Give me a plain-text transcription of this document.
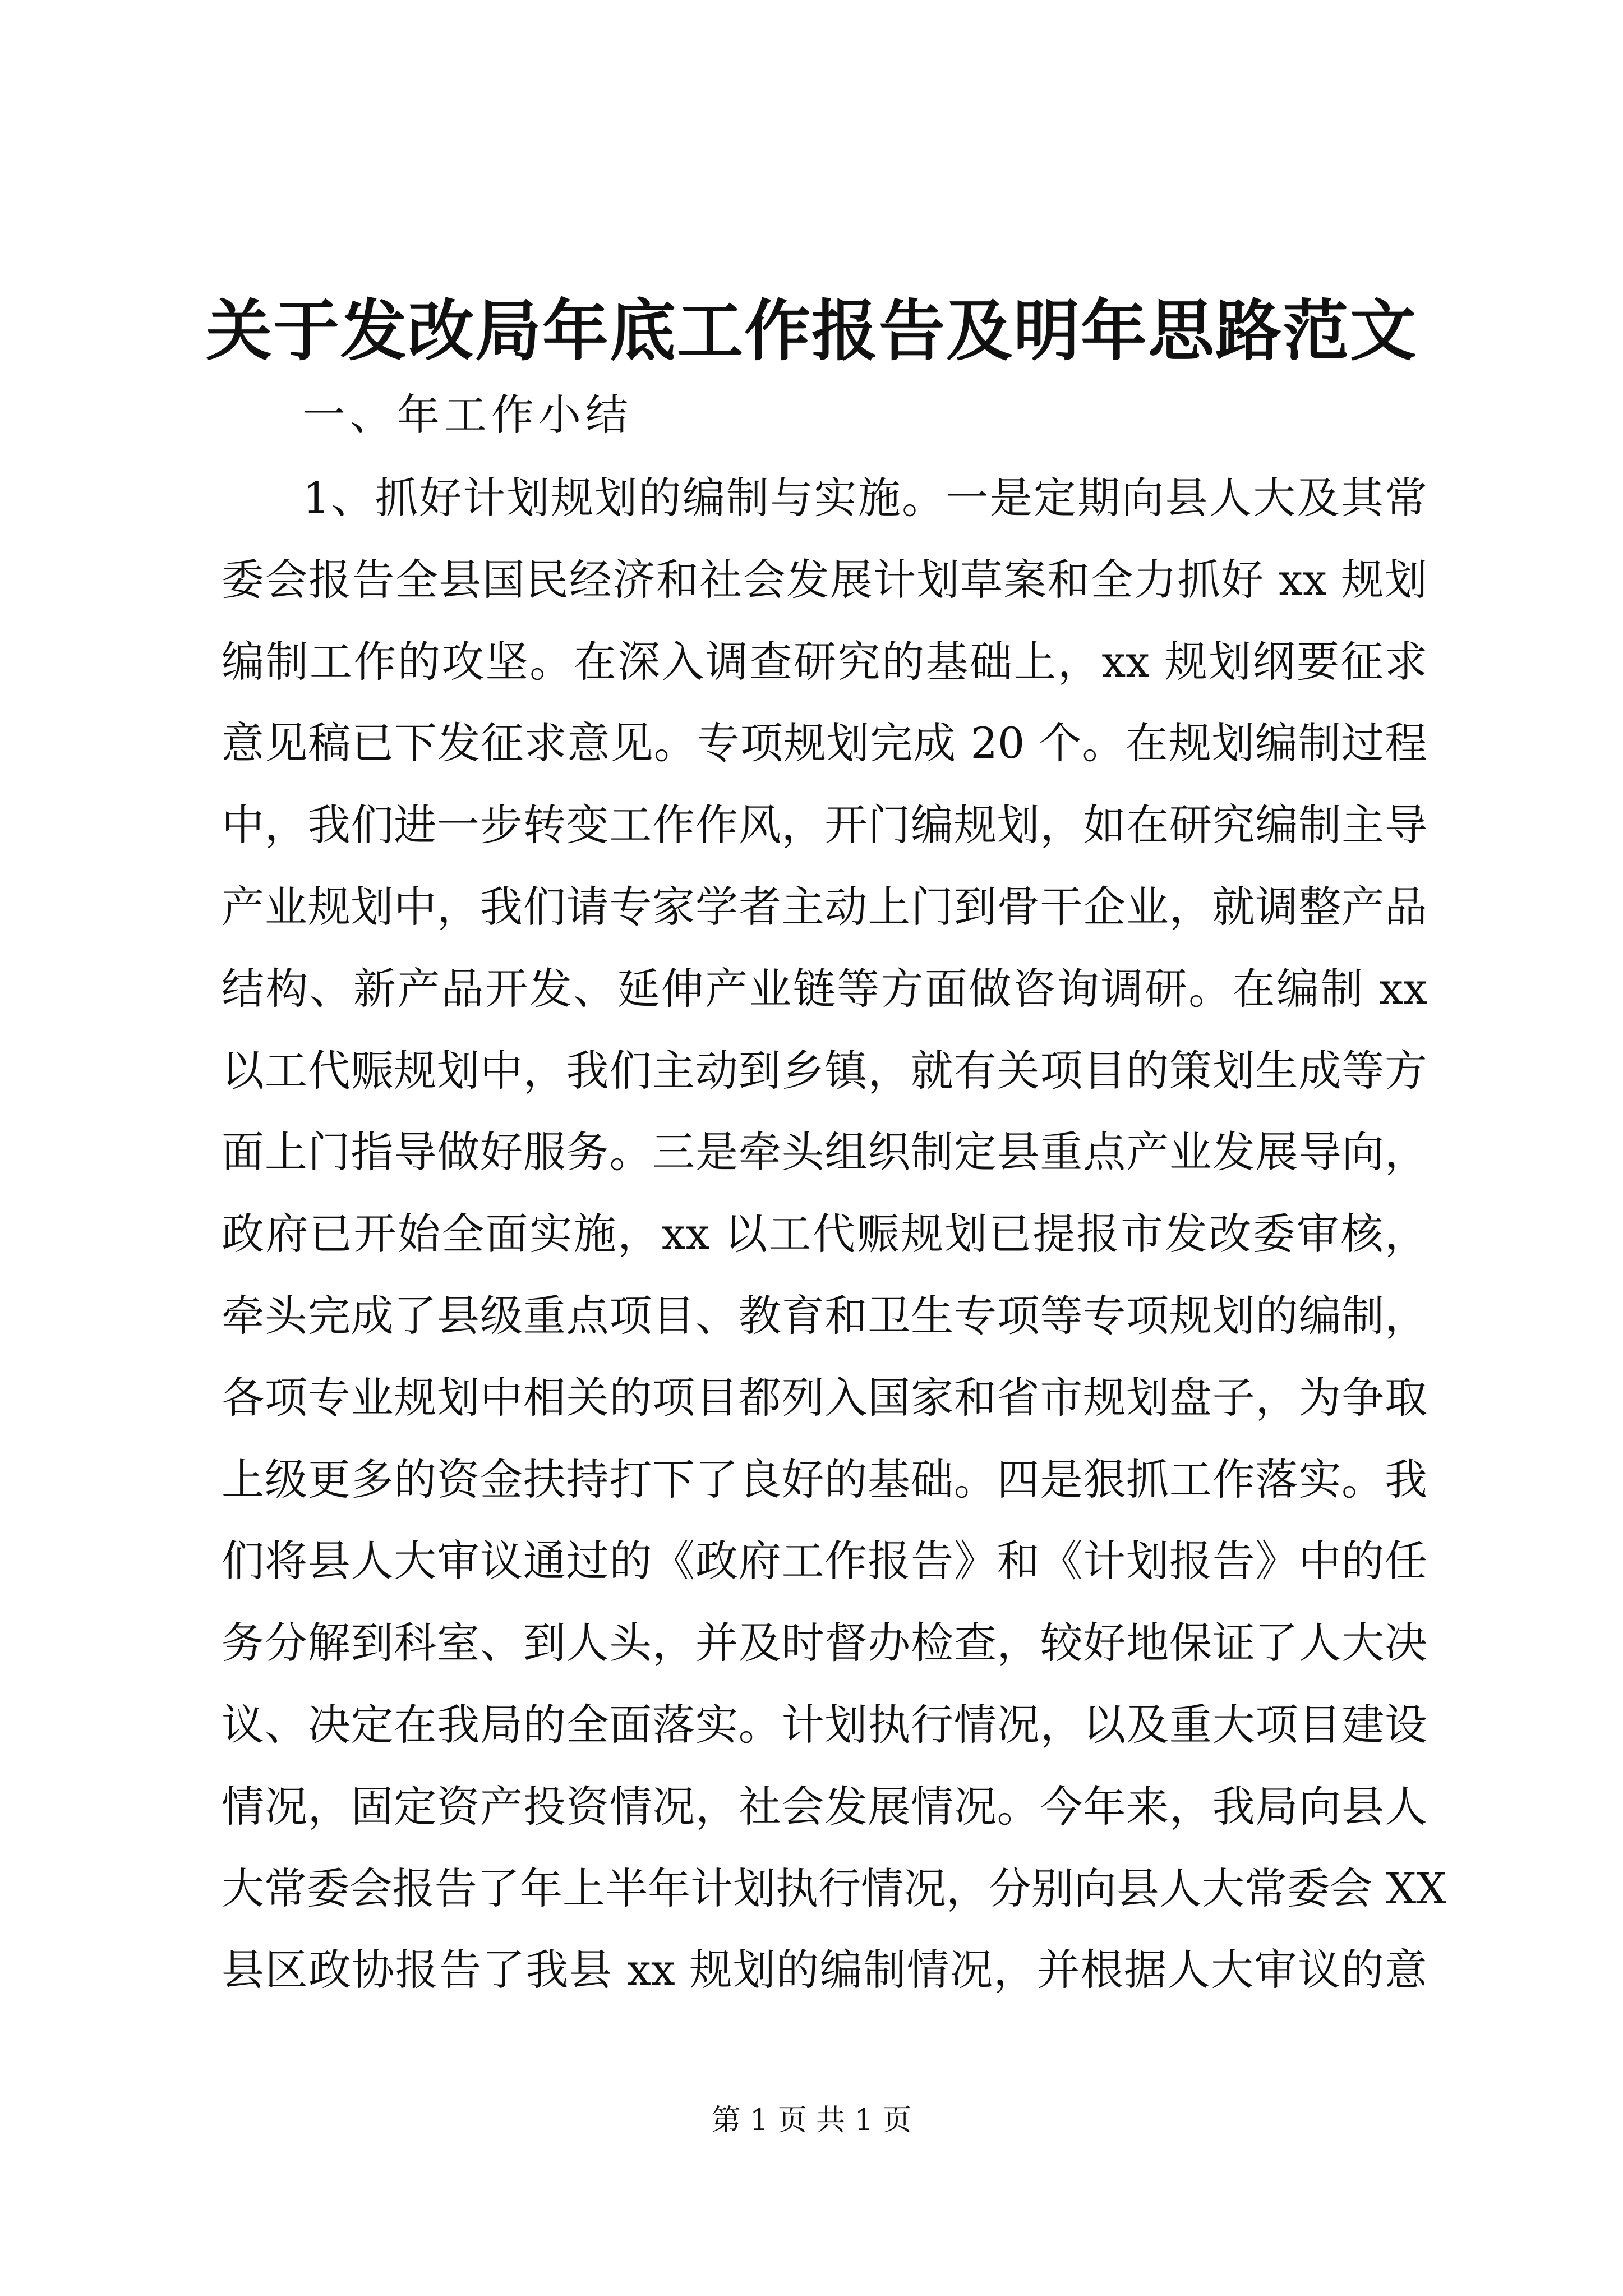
关于发改局年底工作报告及明年思路范文
一、年工作小结
1、抓好计划规划的编制与实施。一是定期向县人大及其常
委会报告全县国民经济和社会发展计划草案和全力抓好 xx 规划
编制工作的攻坚。在深入调查研究的基础上，xx 规划纲要征求
意见稿已下发征求意见。专项规划完成 20 个。在规划编制过程
中，我们进一步转变工作作风，开门编规划，如在研究编制主导
产业规划中，我们请专家学者主动上门到骨干企业，就调整产品
结构、新产品开发、延伸产业链等方面做咨询调研。在编制 xx
以工代赈规划中，我们主动到乡镇，就有关项目的策划生成等方
面上门指导做好服务。三是牵头组织制定县重点产业发展导向，
政府已开始全面实施，xx 以工代赈规划已提报市发改委审核，
牵头完成了县级重点项目、教育和卫生专项等专项规划的编制，
各项专业规划中相关的项目都列入国家和省市规划盘子，为争取
上级更多的资金扶持打下了良好的基础。四是狠抓工作落实。我
们将县人大审议通过的《政府工作报告》和《计划报告》中的任
务分解到科室、到人头，并及时督办检查，较好地保证了人大决
议、决定在我局的全面落实。计划执行情况，以及重大项目建设
情况，固定资产投资情况，社会发展情况。今年来，我局向县人
大常委会报告了年上半年计划执行情况，分别向县人大常委会 XX
县区政协报告了我县 xx 规划的编制情况，并根据人大审议的意
第 1 页 共 1 页
